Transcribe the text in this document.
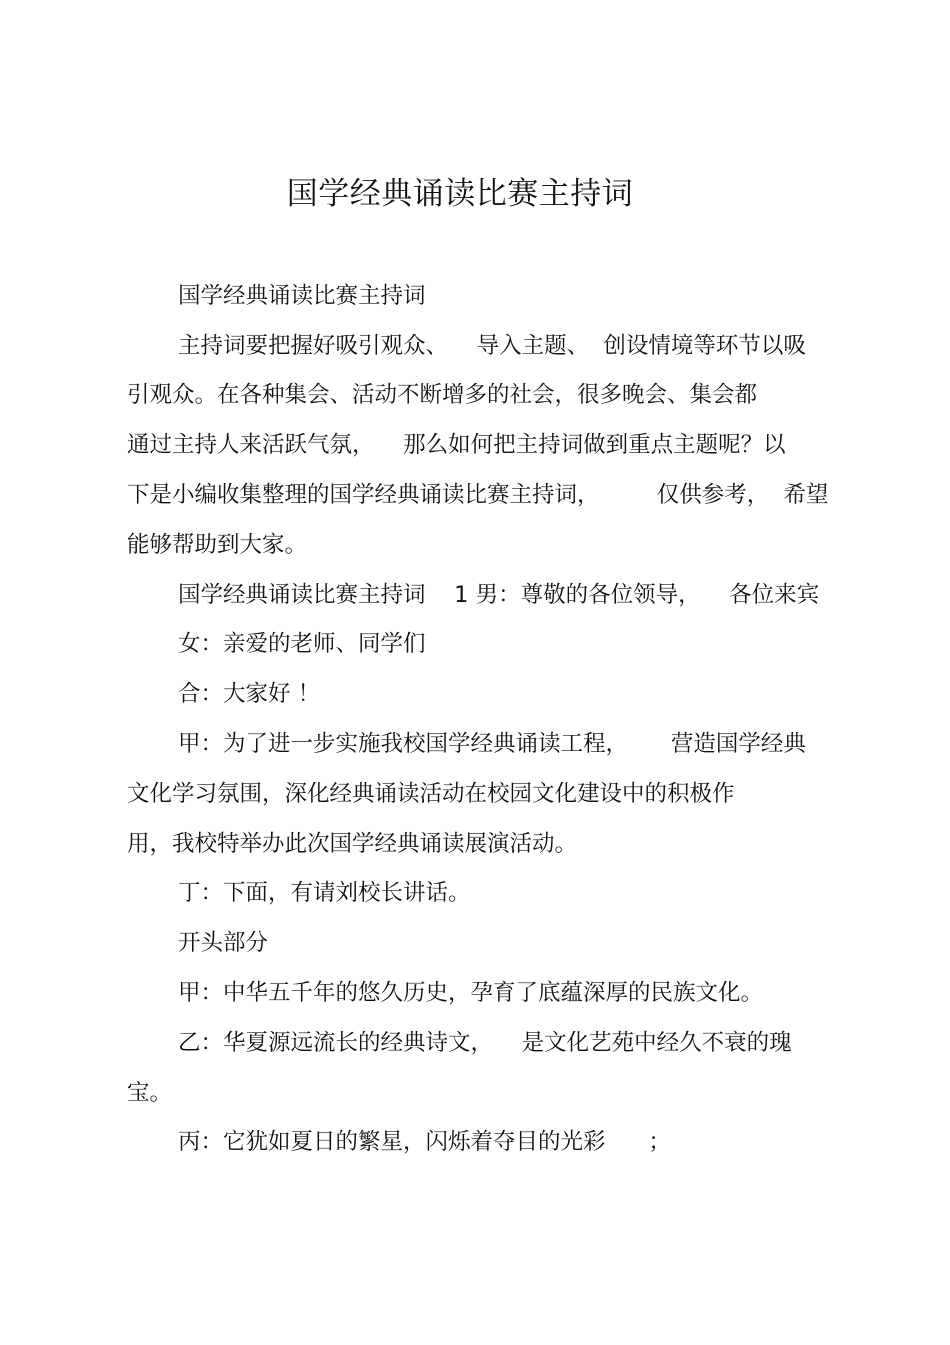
国学经典诵读比赛主持词
国学经典诵读比赛主持词
主持词要把握好吸引观众、    导入主题、  创设情境等环节以吸
引观众。在各种集会、活动不断增多的社会，很多晚会、集会都
通过主持人来活跃气氛，    那么如何把主持词做到重点主题呢？以
下是小编收集整理的国学经典诵读比赛主持词，        仅供参考，  希望
能够帮助到大家。
国学经典诵读比赛主持词    1 男：尊敬的各位领导，    各位来宾
女：亲爱的老师、同学们
合：大家好 ！
甲：为了进一步实施我校国学经典诵读工程，      营造国学经典
文化学习氛围，深化经典诵读活动在校园文化建设中的积极作
用，我校特举办此次国学经典诵读展演活动。
丁：下面，有请刘校长讲话。
开头部分
甲：中华五千年的悠久历史，孕育了底蕴深厚的民族文化。
乙：华夏源远流长的经典诗文，    是文化艺苑中经久不衰的瑰
宝。
丙：它犹如夏日的繁星，闪烁着夺目的光彩      ；
